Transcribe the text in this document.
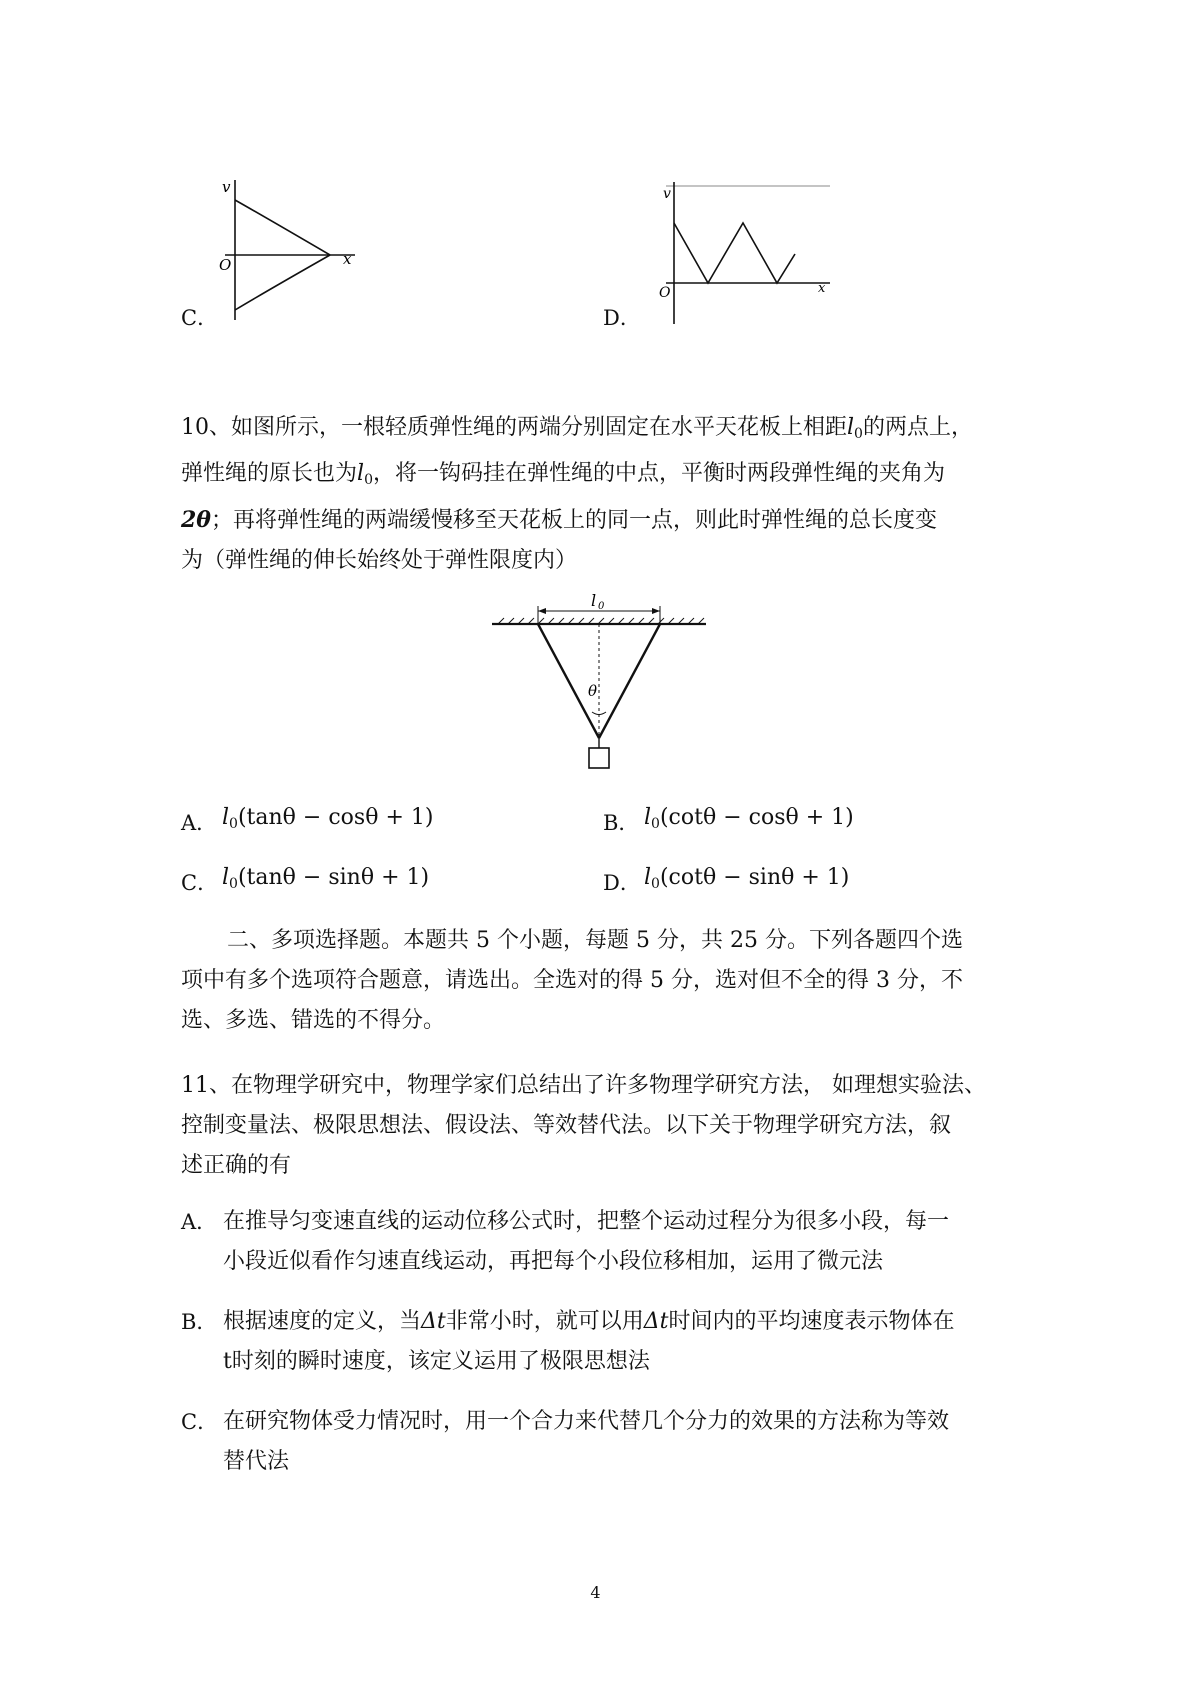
C．
v
x
O
D．
v
x
O
10、如图所示，一根轻质弹性绳的两端分别固定在水平天花板上相距$l_0$的两点上，
弹性绳的原长也为$l_0$，将一钩码挂在弹性绳的中点，平衡时两段弹性绳的夹角为
2θ；再将弹性绳的两端缓慢移至天花板上的同一点，则此时弹性绳的总长度变
为（弹性绳的伸长始终处于弹性限度内）
l 0
θ
A． $l_0(\tan\theta - \cos\theta + 1)$	B． $l_0(\cot\theta - \cos\theta + 1)$
C． $l_0(\tan\theta - \sin\theta + 1)$	D． $l_0(\cot\theta - \sin\theta + 1)$
二、多项选择题。本题共 5 个小题，每题 5 分，共 25 分。下列各题四个选
项中有多个选项符合题意，请选出。全选对的得 5 分，选对但不全的得 3 分，不
选、多选、错选的不得分。
11、在物理学研究中，物理学家们总结出了许多物理学研究方法， 如理想实验法、
控制变量法、极限思想法、假设法、等效替代法。以下关于物理学研究方法，叙
述正确的有
A． 在推导匀变速直线的运动位移公式时，把整个运动过程分为很多小段，每一
小段近似看作匀速直线运动，再把每个小段位移相加，运用了微元法
B． 根据速度的定义，当Δt非常小时，就可以用Δt时间内的平均速度表示物体在
t时刻的瞬时速度，该定义运用了极限思想法
C． 在研究物体受力情况时，用一个合力来代替几个分力的效果的方法称为等效
替代法
4
